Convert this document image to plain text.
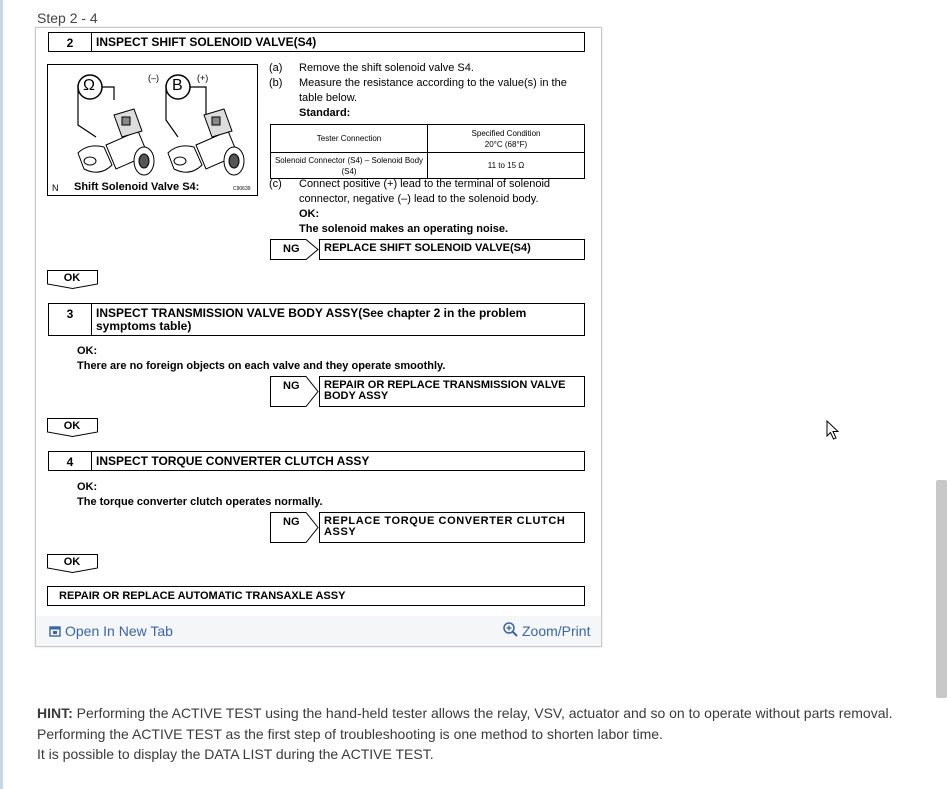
Step 2 - 4
2	INSPECT SHIFT SOLENOID VALVE(S4)
Ω	B
(–)	(+)
N Shift Solenoid Valve S4:	C90639
(a) Remove the shift solenoid valve S4.
(b) Measure the resistance according to the value(s) in the table below.
Standard:
Tester Connection	Specified Condition
20°C (68°F)

Solenoid Connector (S4) – Solenoid Body (S4)	11 to 15 Ω
(c) Connect positive (+) lead to the terminal of solenoid connector, negative (–) lead to the solenoid body.
OK:
The solenoid makes an operating noise.
NG	REPLACE SHIFT SOLENOID VALVE(S4)
OK
3	INSPECT TRANSMISSION VALVE BODY ASSY(See chapter 2 in the problem symptoms table)
OK:
There are no foreign objects on each valve and they operate smoothly.
NG	REPAIR OR REPLACE TRANSMISSION VALVE BODY ASSY
OK
4	INSPECT TORQUE CONVERTER CLUTCH ASSY
OK:
The torque converter clutch operates normally.
NG	REPLACE TORQUE CONVERTER CLUTCH ASSY
OK
REPAIR OR REPLACE AUTOMATIC TRANSAXLE ASSY
Open In New Tab	Zoom/Print
HINT: Performing the ACTIVE TEST using the hand-held tester allows the relay, VSV, actuator and so on to operate without parts removal.
Performing the ACTIVE TEST as the first step of troubleshooting is one method to shorten labor time.
It is possible to display the DATA LIST during the ACTIVE TEST.
